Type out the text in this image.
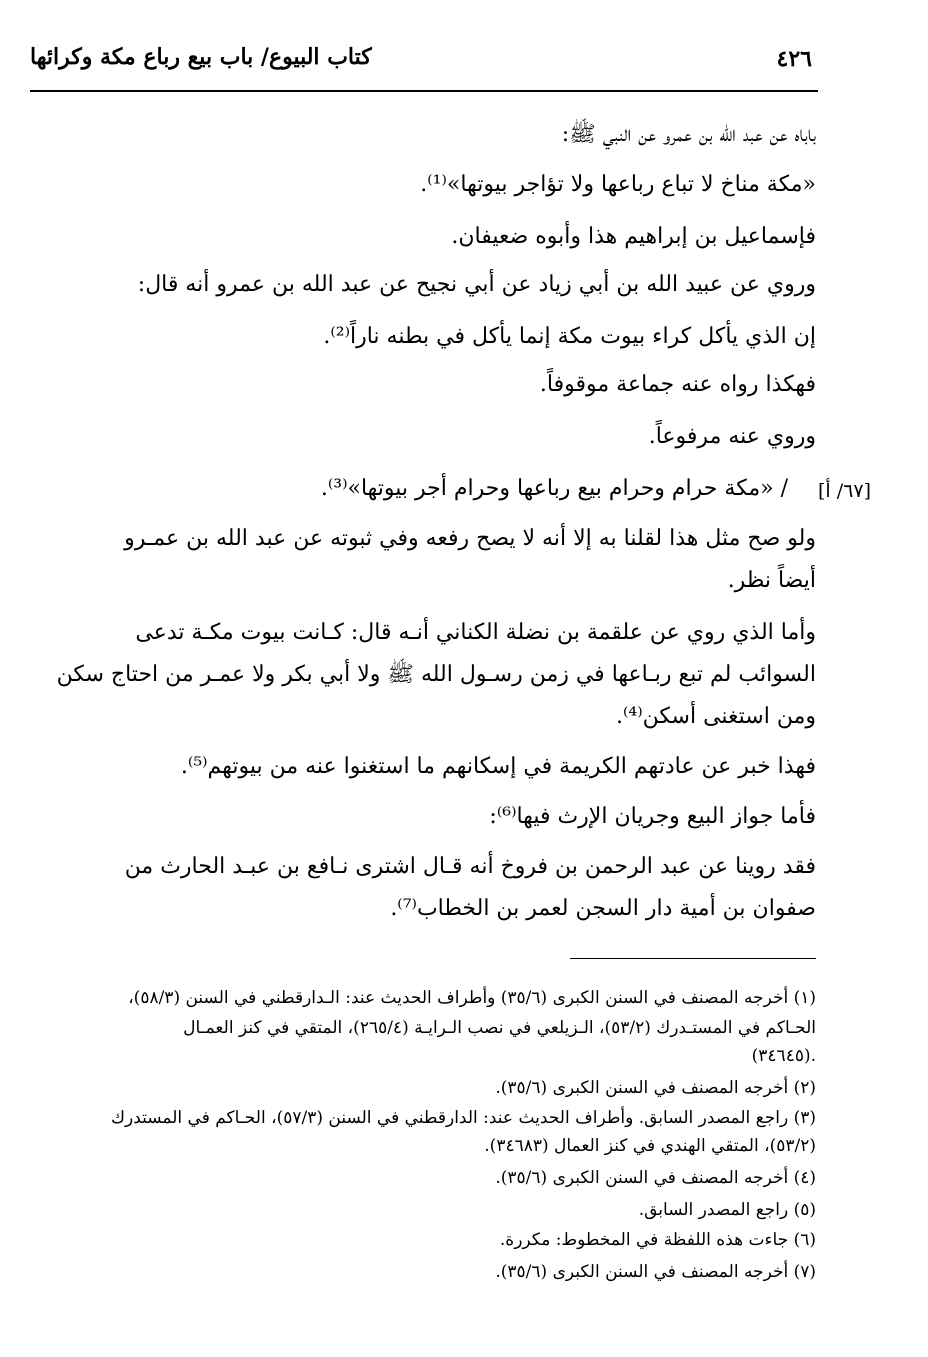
كتاب البيوع/ باب بيع رباع مكة وكرائها	٤٢٦
[٦٧/ أ]
باباه عن عبد الله بن عمرو عن النبي ﷺ:
«مكة مناخ لا تباع رباعها ولا تؤاجر بيوتها»⁽¹⁾.
فإسماعيل بن إبراهيم هذا وأبوه ضعيفان.
وروي عن عبيد الله بن أبي زياد عن أبي نجيح عن عبد الله بن عمرو أنه قال:
إن الذي يأكل كراء بيوت مكة إنما يأكل في بطنه ناراً⁽²⁾.
فهكذا رواه عنه جماعة موقوفاً.
وروي عنه مرفوعاً.
/ «مكة حرام وحرام بيع رباعها وحرام أجر بيوتها»⁽³⁾.
ولو صح مثل هذا لقلنا به إلا أنه لا يصح رفعه وفي ثبوته عن عبد الله بن عمـرو
أيضاً نظر.
وأما الذي روي عن علقمة بن نضلة الكناني أنـه قال: كـانت بيوت مكـة تدعى
السوائب لم تبع ربـاعها في زمن رسـول الله ﷺ ولا أبي بكر ولا عمـر من احتاج سكن
ومن استغنى أسكن⁽⁴⁾.
فهذا خبر عن عادتهم الكريمة في إسكانهم ما استغنوا عنه من بيوتهم⁽⁵⁾.
فأما جواز البيع وجريان الإرث فيها⁽⁶⁾:
فقد روينا عن عبد الرحمن بن فروخ أنه قـال اشترى نـافع بن عبـد الحارث من
صفوان بن أمية دار السجن لعمر بن الخطاب⁽⁷⁾.
(١) أخرجه المصنف في السنن الكبرى (٣٥/٦) وأطراف الحديث عند: الـدارقطني في السنن (٥٨/٣)،
الحـاكم في المستـدرك (٥٣/٢)، الـزيلعي في نصب الـرايـة (٢٦٥/٤)، المتقي في كنز العمـال
(٣٤٦٤٥).
(٢) أخرجه المصنف في السنن الكبرى (٣٥/٦).
(٣) راجع المصدر السابق. وأطراف الحديث عند: الدارقطني في السنن (٥٧/٣)، الحـاكم في المستدرك
(٥٣/٢)، المتقي الهندي في كنز العمال (٣٤٦٨٣).
(٤) أخرجه المصنف في السنن الكبرى (٣٥/٦).
(٥) راجع المصدر السابق.
(٦) جاءت هذه اللفظة في المخطوط: مكررة.
(٧) أخرجه المصنف في السنن الكبرى (٣٥/٦).
